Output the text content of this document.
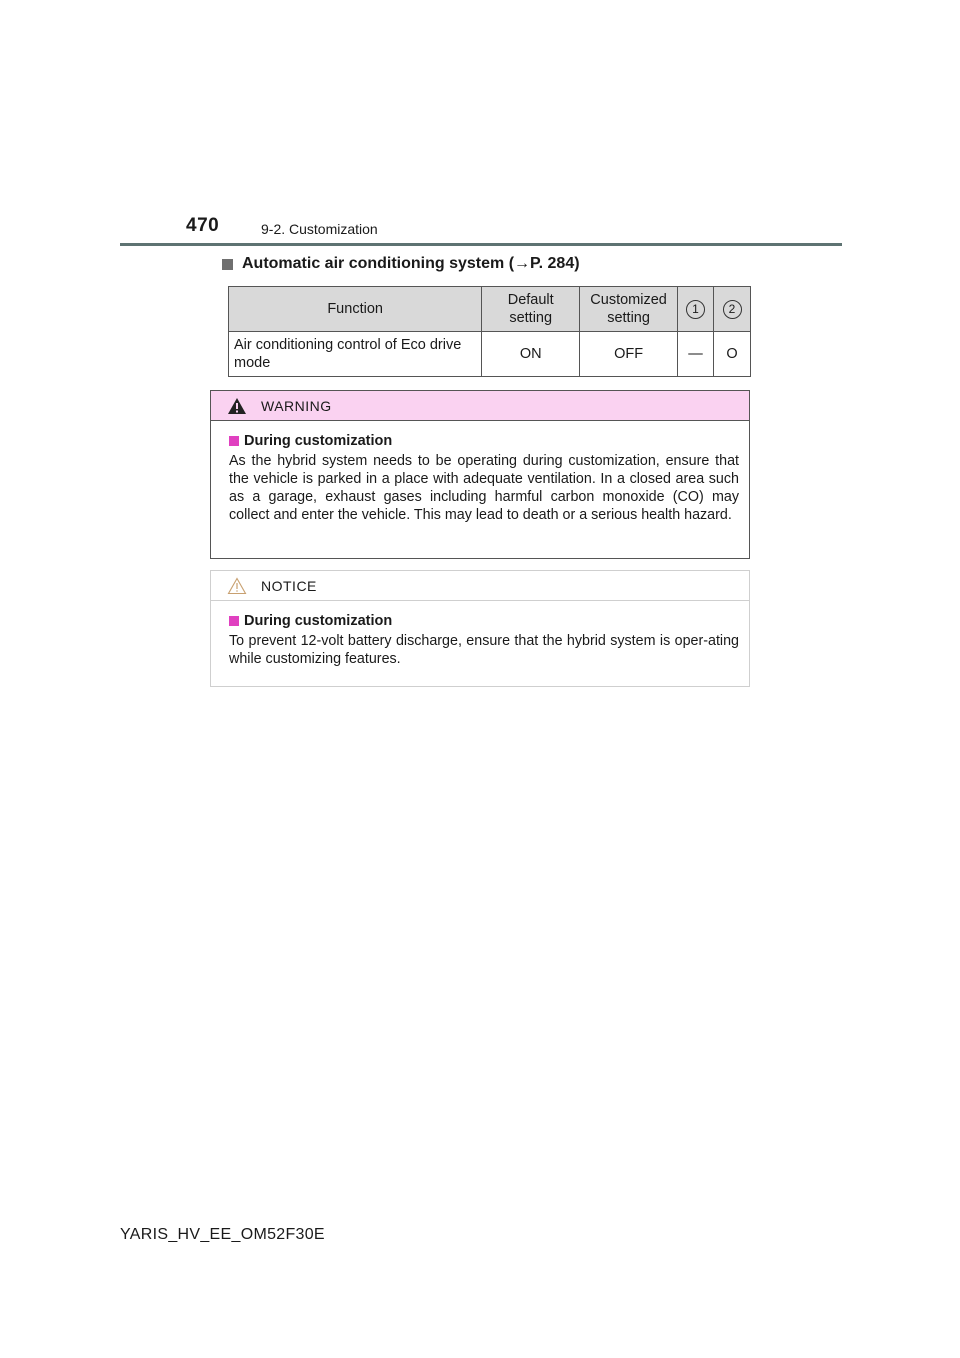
470	9-2. Customization
Automatic air conditioning system (→P. 284)
Function	Default setting	Customized setting	1	2
Air conditioning control of Eco drive mode	ON	OFF	—	O
WARNING
During customization

As the hybrid system needs to be operating during customization, ensure that the vehicle is parked in a place with adequate ventilation. In a closed area such as a garage, exhaust gases including harmful carbon monoxide (CO) may collect and enter the vehicle. This may lead to death or a serious health hazard.

NOTICE
During customization

To prevent 12-volt battery discharge, ensure that the hybrid system is oper-ating while customizing features.

YARIS_HV_EE_OM52F30E
